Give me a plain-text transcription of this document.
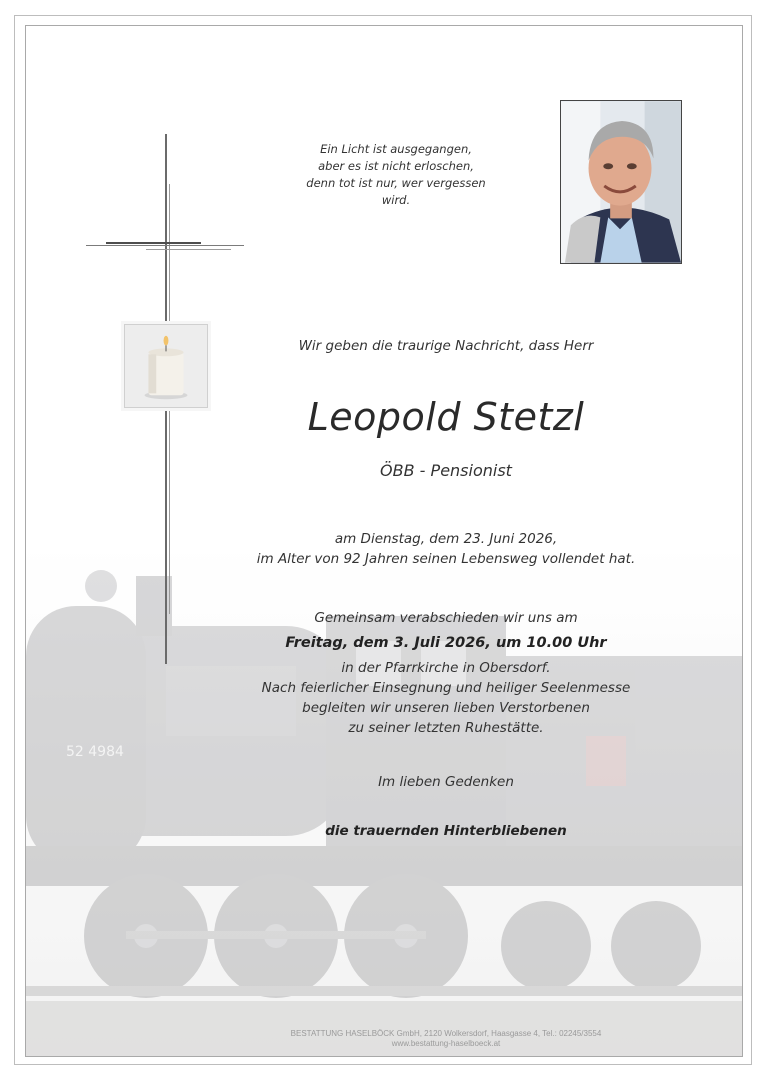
52 4984
Ein Licht ist ausgegangen,
aber es ist nicht erloschen,
denn tot ist nur, wer vergessen wird.
Wir geben die traurige Nachricht, dass Herr
Leopold Stetzl
ÖBB - Pensionist
am Dienstag, dem 23. Juni 2026,
im Alter von 92 Jahren seinen Lebensweg vollendet hat.
Gemeinsam verabschieden wir uns am
Freitag, dem 3. Juli 2026, um 10.00 Uhr
in der Pfarrkirche in Obersdorf.
Nach feierlicher Einsegnung und heiliger Seelenmesse
begleiten wir unseren lieben Verstorbenen
zu seiner letzten Ruhestätte.
Im lieben Gedenken
die trauernden Hinterbliebenen
BESTATTUNG HASELBÖCK GmbH, 2120 Wolkersdorf, Haasgasse 4, Tel.: 02245/3554
www.bestattung-haselboeck.at
